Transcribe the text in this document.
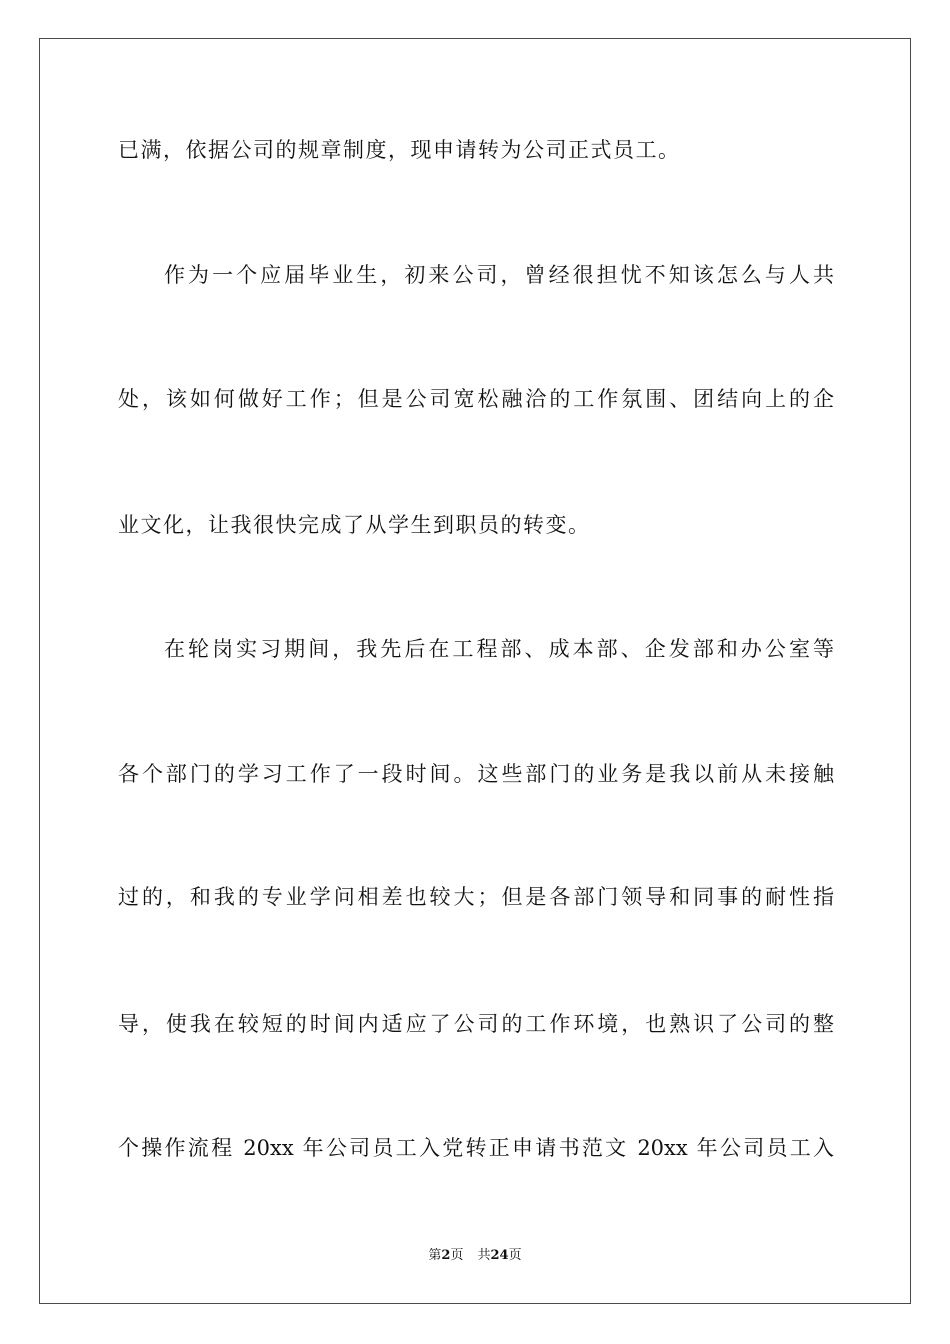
已满，依据公司的规章制度，现申请转为公司正式员工。
作为一个应届毕业生，初来公司，曾经很担忧不知该怎么与人共
处，该如何做好工作；但是公司宽松融洽的工作氛围、团结向上的企
业文化，让我很快完成了从学生到职员的转变。
在轮岗实习期间，我先后在工程部、成本部、企发部和办公室等
各个部门的学习工作了一段时间。这些部门的业务是我以前从未接触
过的，和我的专业学问相差也较大；但是各部门领导和同事的耐性指
导，使我在较短的时间内适应了公司的工作环境，也熟识了公司的整
个操作流程 20xx 年公司员工入党转正申请书范文 20xx 年公司员工入
第2页 共24页
